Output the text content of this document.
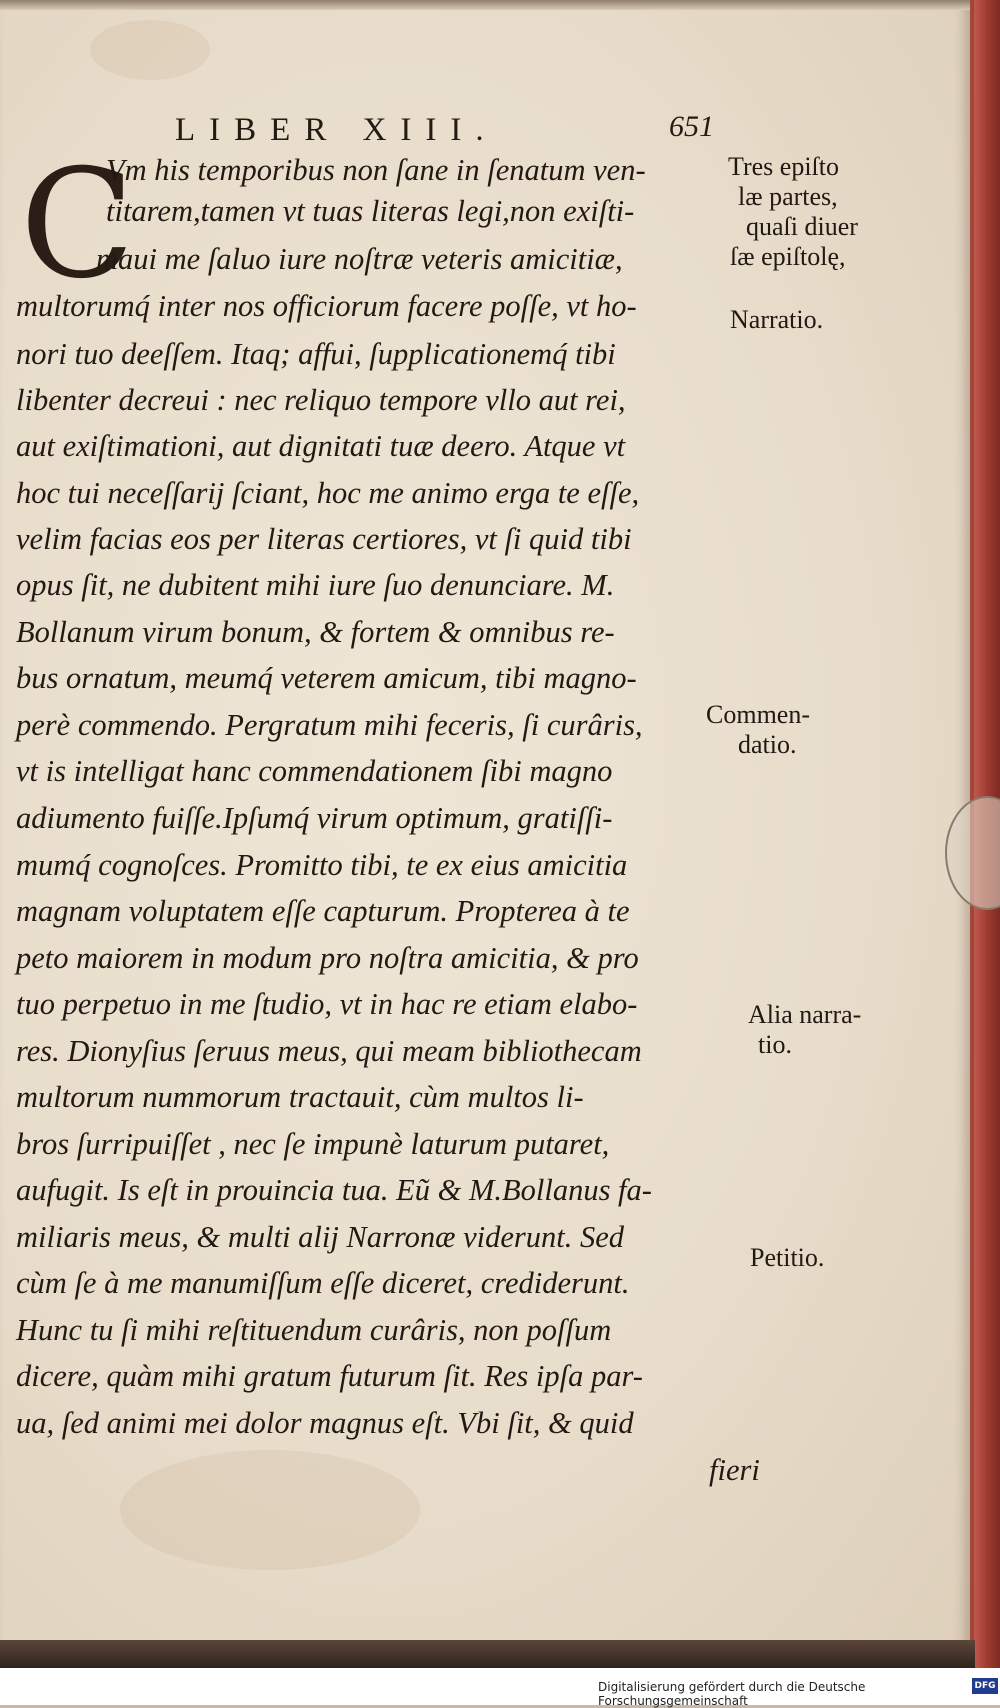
LIBER XIII.	651
C
Vm his temporibus non ſane in ſenatum ven-
titarem,tamen vt tuas literas legi,non exiſti-
maui me ſaluo iure noſtræ veteris amicitiæ,
multorumq́ inter nos officiorum facere poſſe, vt ho-
nori tuo deeſſem. Itaq; affui, ſupplicationemq́ tibi
libenter decreui : nec reliquo tempore vllo aut rei,
aut exiſtimationi, aut dignitati tuæ deero. Atque vt
hoc tui neceſſarij ſciant, hoc me animo erga te eſſe,
velim facias eos per literas certiores, vt ſi quid tibi
opus ſit, ne dubitent mihi iure ſuo denunciare. M.
Bollanum virum bonum, & fortem & omnibus re-
bus ornatum, meumq́ veterem amicum, tibi magno-
perè commendo. Pergratum mihi feceris, ſi curâris,
vt is intelligat hanc commendationem ſibi magno
adiumento fuiſſe.Ipſumq́ virum optimum, gratiſſi-
mumq́ cognoſces. Promitto tibi, te ex eius amicitia
magnam voluptatem eſſe capturum. Propterea à te
peto maiorem in modum pro noſtra amicitia, & pro
tuo perpetuo in me ſtudio, vt in hac re etiam elabo-
res. Dionyſius ſeruus meus, qui meam bibliothecam
multorum nummorum tractauit, cùm multos li-
bros ſurripuiſſet , nec ſe impunè laturum putaret,
aufugit. Is eſt in prouincia tua. Eũ & M.Bollanus fa-
miliaris meus, & multi alij Narronæ viderunt. Sed
cùm ſe à me manumiſſum eſſe diceret, crediderunt.
Hunc tu ſi mihi reſtituendum curâris, non poſſum
dicere, quàm mihi gratum futurum ſit. Res ipſa par-
ua, ſed animi mei dolor magnus eſt. Vbi ſit, & quid
fieri
Tres epiſto
læ partes,
quaſi diuer
ſæ epiſtolę,
Narratio.
Commen-
datio.
Alia narra-
tio.
Petitio.
Digitalisierung gefördert durch die Deutsche Forschungsgemeinschaft
DFG
